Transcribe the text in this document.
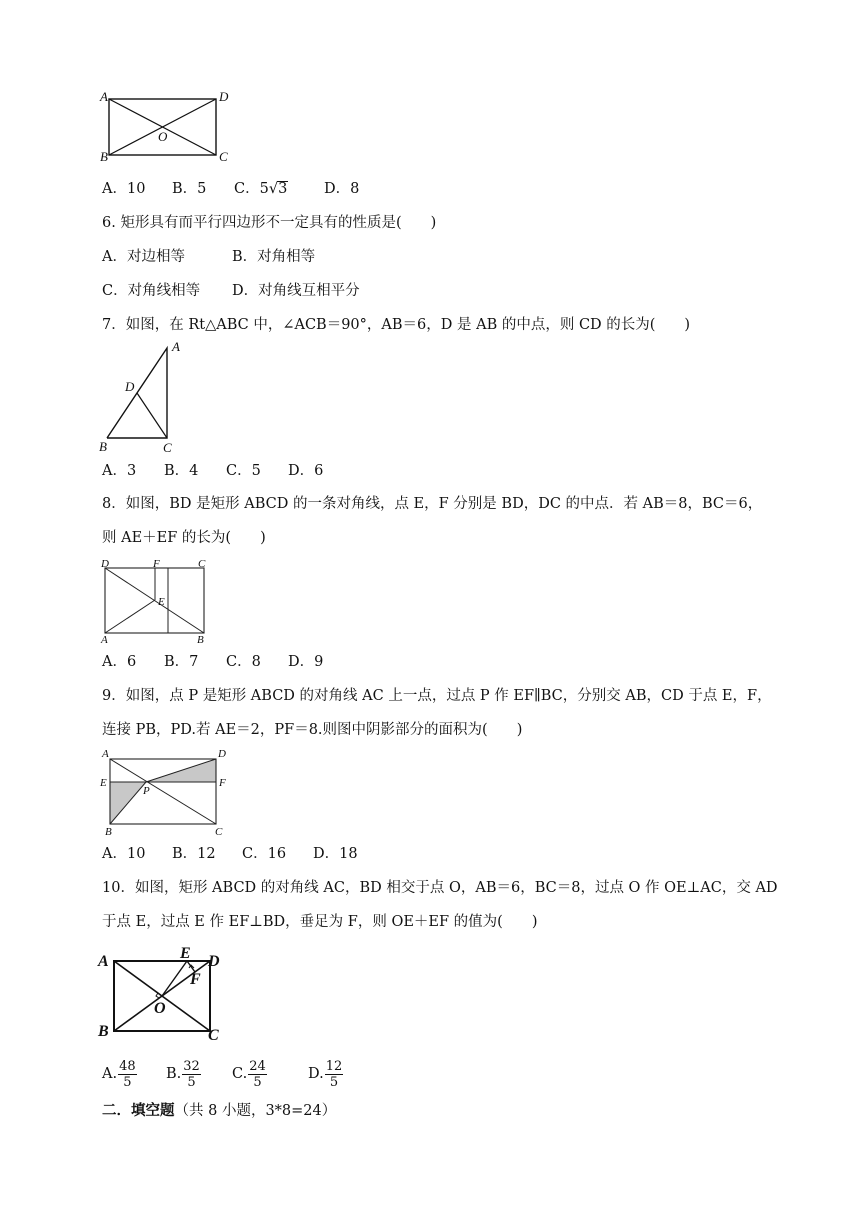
A	D
B	C
O
A．10 B．5 C．5√3	D．8
6. 矩形具有而平行四边形不一定具有的性质是(　　)
A．对边相等	B．对角相等
C．对角线相等 D．对角线互相平分
7．如图，在 Rt△ABC 中，∠ACB＝90°，AB＝6，D 是 AB 的中点，则 CD 的长为(　　)
A
D
B	C
A．3 B．4 C．5 D．6
8．如图，BD 是矩形 ABCD 的一条对角线，点 E，F 分别是 BD，DC 的中点．若 AB＝8，BC＝6，
则 AE＋EF 的长为(　　)
D	F	C
E
A	B
A．6 B．7 C．8 D．9
9．如图，点 P 是矩形 ABCD 的对角线 AC 上一点，过点 P 作 EF∥BC，分别交 AB，CD 于点 E，F，
连接 PB，PD.若 AE＝2，PF＝8.则图中阴影部分的面积为(　　)
A	D
E	F
P
B	C
A．10 B．12 C．16 D．18
10．如图，矩形 ABCD 的对角线 AC，BD 相交于点 O，AB＝6，BC＝8，过点 O 作 OE⊥AC，交 AD
于点 E，过点 E 作 EF⊥BD，垂足为 F，则 OE＋EF 的值为(　　)
A	E D
F
O
B	C
A. $\frac{48}{5} B$. $\frac{32}{5} C$. $\frac{24}{5}$	D. $\frac{12}{5}$
二．填空题（共 8 小题，3*8=24）
